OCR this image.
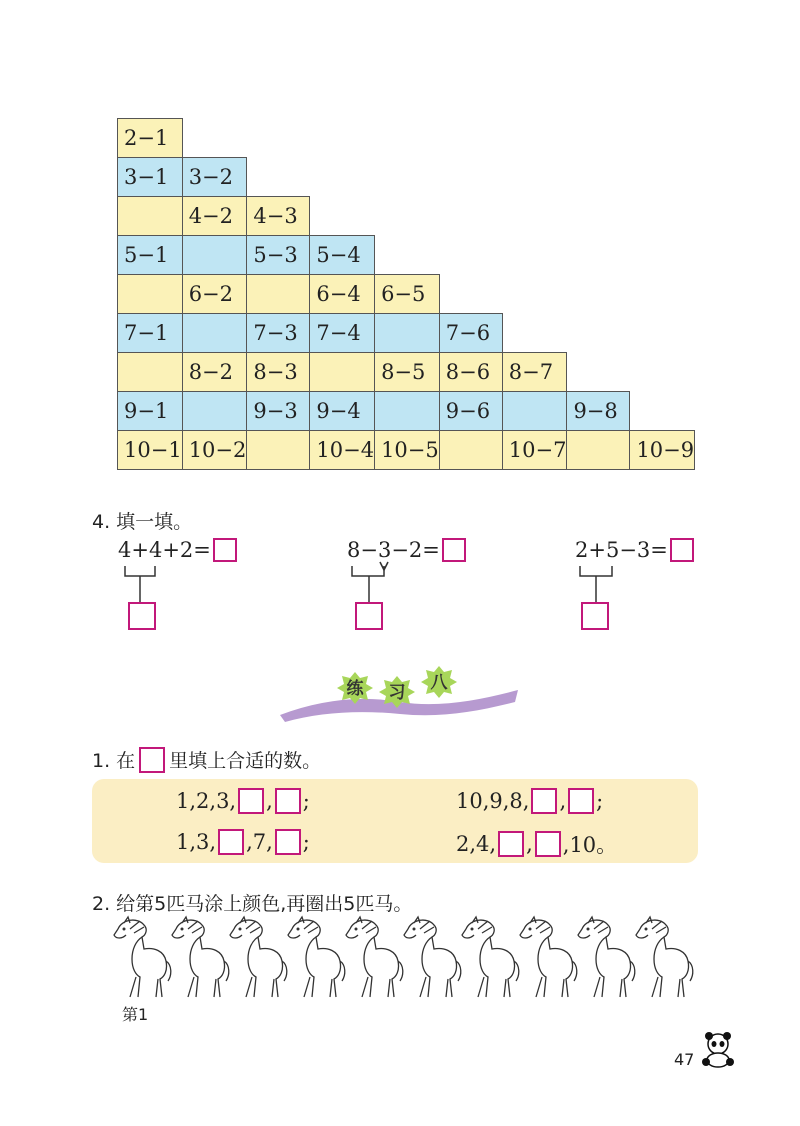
2−1								
3−1	3−2							
	4−2	4−3						
5−1		5−3	5−4					
	6−2		6−4	6−5				
7−1		7−3	7−4		7−6			
	8−2	8−3		8−5	8−6	8−7		
9−1		9−3	9−4		9−6		9−8	
10−1	10−2		10−4	10−5		10−7		10−9
4. 填一填。
4+4+2=	8−3−2=	2+5−3=
练 习 八
1. 在 里填上合适的数。
1,2,3, , ;	10,9,8, , ;
1,3, ,7, ;	2,4, , ,10。
2. 给第5匹马涂上颜色,再圈出5匹马。
第1
47
